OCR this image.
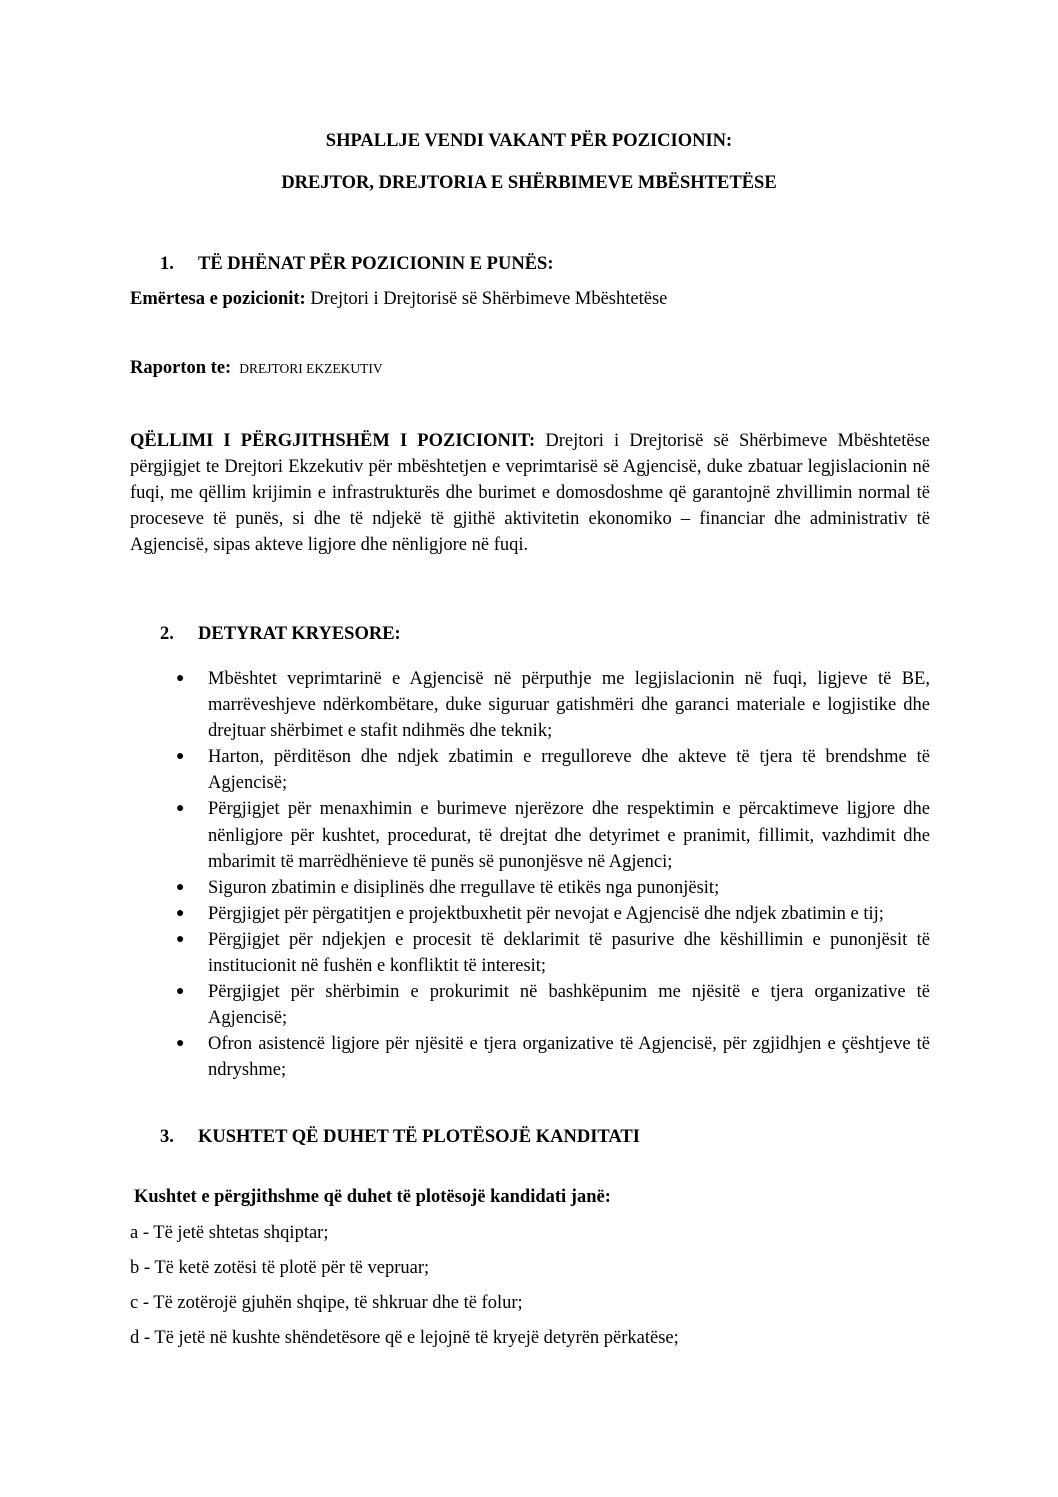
SHPALLJE VENDI VAKANT PËR POZICIONIN:
DREJTOR, DREJTORIA E SHËRBIMEVE MBËSHTETËSE
1. TË DHËNAT PËR POZICIONIN E PUNËS:
Emërtesa e pozicionit: Drejtori i Drejtorisë së Shërbimeve Mbështetëse
Raporton te: DREJTORI EKZEKUTIV
QËLLIMI I PËRGJITHSHËM I POZICIONIT: Drejtori i Drejtorisë së Shërbimeve Mbështetëse përgjigjet te Drejtori Ekzekutiv për mbështetjen e veprimtarisë së Agjencisë, duke zbatuar legjislacionin në fuqi, me qëllim krijimin e infrastrukturës dhe burimet e domosdoshme që garantojnë zhvillimin normal të proceseve të punës, si dhe të ndjekë të gjithë aktivitetin ekonomiko – financiar dhe administrativ të Agjencisë, sipas akteve ligjore dhe nënligjore në fuqi.
2. DETYRAT KRYESORE:
●	Mbështet veprimtarinë e Agjencisë në përputhje me legjislacionin në fuqi, ligjeve të BE, marrëveshjeve ndërkombëtare, duke siguruar gatishmëri dhe garanci materiale e logjistike dhe drejtuar shërbimet e stafit ndihmës dhe teknik;
●	Harton, përditëson dhe ndjek zbatimin e rregulloreve dhe akteve të tjera të brendshme të Agjencisë;
●	Përgjigjet për menaxhimin e burimeve njerëzore dhe respektimin e përcaktimeve ligjore dhe nënligjore për kushtet, procedurat, të drejtat dhe detyrimet e pranimit, fillimit, vazhdimit dhe mbarimit të marrëdhënieve të punës së punonjësve në Agjenci;
●	Siguron zbatimin e disiplinës dhe rregullave të etikës nga punonjësit;
●	Përgjigjet për përgatitjen e projektbuxhetit për nevojat e Agjencisë dhe ndjek zbatimin e tij;
●	Përgjigjet për ndjekjen e procesit të deklarimit të pasurive dhe këshillimin e punonjësit të institucionit në fushën e konfliktit të interesit;
●	Përgjigjet për shërbimin e prokurimit në bashkëpunim me njësitë e tjera organizative të Agjencisë;
●	Ofron asistencë ligjore për njësitë e tjera organizative të Agjencisë, për zgjidhjen e çështjeve të ndryshme;
3. KUSHTET QË DUHET TË PLOTËSOJË KANDITATI
Kushtet e përgjithshme që duhet të plotësojë kandidati janë:
a - Të jetë shtetas shqiptar;
b - Të ketë zotësi të plotë për të vepruar;
c - Të zotërojë gjuhën shqipe, të shkruar dhe të folur;
d - Të jetë në kushte shëndetësore që e lejojnë të kryejë detyrën përkatëse;
